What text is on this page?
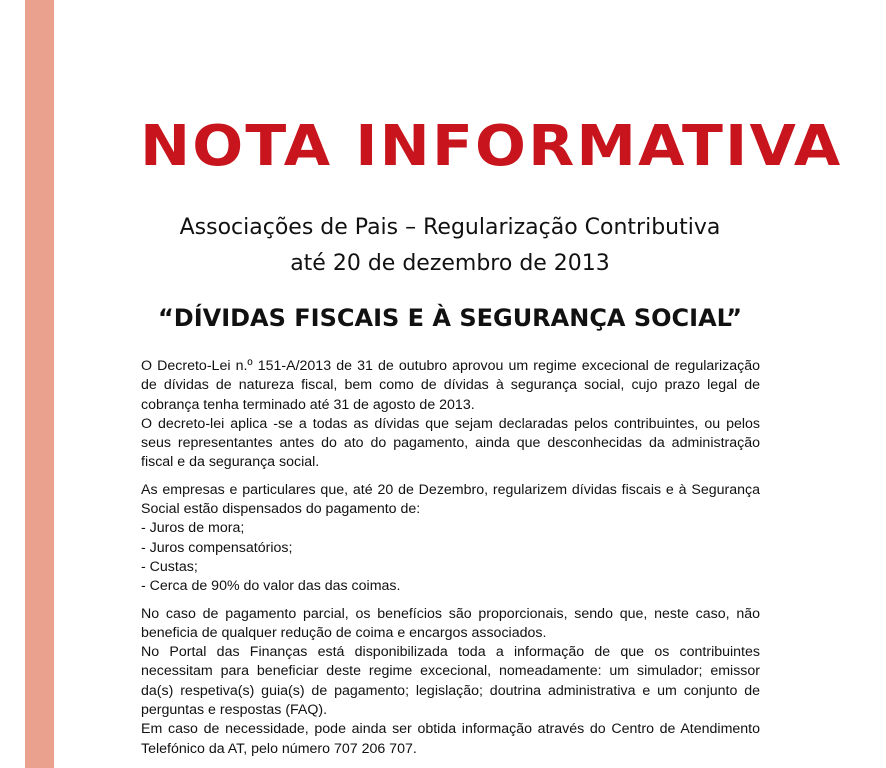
NOTA INFORMATIVA
Associações de Pais – Regularização Contributiva
até 20 de dezembro de 2013
“DÍVIDAS FISCAIS E À SEGURANÇA SOCIAL”

O Decreto-Lei n.º 151-A/2013 de 31 de outubro aprovou um regime excecional de regularização de dívidas de natureza fiscal, bem como de dívidas à segurança social, cujo prazo legal de cobrança tenha terminado até 31 de agosto de 2013.

O decreto-lei aplica -se a todas as dívidas que sejam declaradas pelos contribuintes, ou pelos seus representantes antes do ato do pagamento, ainda que desconhecidas da administração fiscal e da segurança social.

As empresas e particulares que, até 20 de Dezembro, regularizem dívidas fiscais e à Segurança Social estão dispensados do pagamento de:

- Juros de mora;
- Juros compensatórios;
- Custas;
- Cerca de 90% do valor das das coimas.

No caso de pagamento parcial, os benefícios são proporcionais, sendo que, neste caso, não beneficia de qualquer redução de coima e encargos associados.

No Portal das Finanças está disponibilizada toda a informação de que os contribuintes necessitam para beneficiar deste regime excecional, nomeadamente: um simulador; emissor da(s) respetiva(s) guia(s) de pagamento; legislação; doutrina administrativa e um conjunto de perguntas e respostas (FAQ).

Em caso de necessidade, pode ainda ser obtida informação através do Centro de Atendimento Telefónico da AT, pelo número 707 206 707.
